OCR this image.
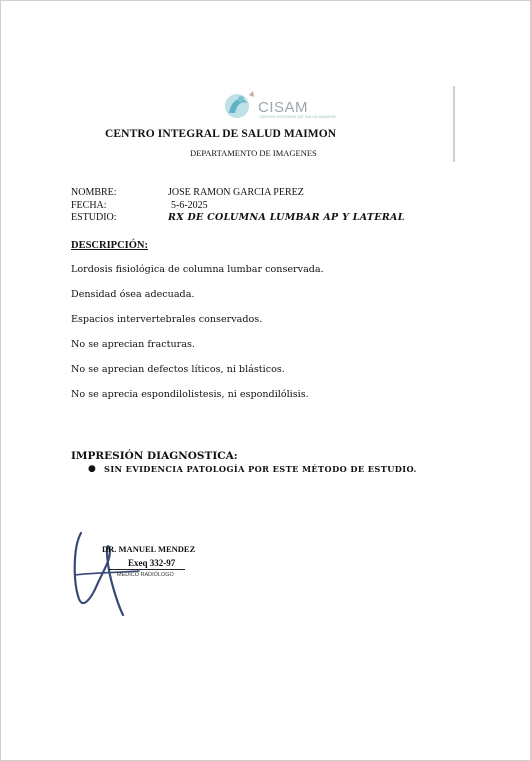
CISAM
CENTRO INTEGRAL DE SALUD MAIMON
CENTRO INTEGRAL DE SALUD MAIMON
DEPARTAMENTO DE IMAGENES
NOMBRE:	JOSE RAMON GARCIA PEREZ
FECHA:	5-6-2025
ESTUDIO:	RX DE COLUMNA LUMBAR AP Y LATERAL
DESCRIPCIÓN:
Lordosis fisiológica de columna lumbar conservada.
Densidad ósea adecuada.
Espacios intervertebrales conservados.
No se aprecian fracturas.
No se aprecian defectos líticos, ni blásticos.
No se aprecia espondilolistesis, ni espondilólisis.
IMPRESIÓN DIAGNOSTICA:
● SIN EVIDENCIA PATOLOGÍA POR ESTE MÉTODO DE ESTUDIO.
DR. MANUEL MENDEZ
Exeq 332-97
MÉDICO RADIÓLOGO
